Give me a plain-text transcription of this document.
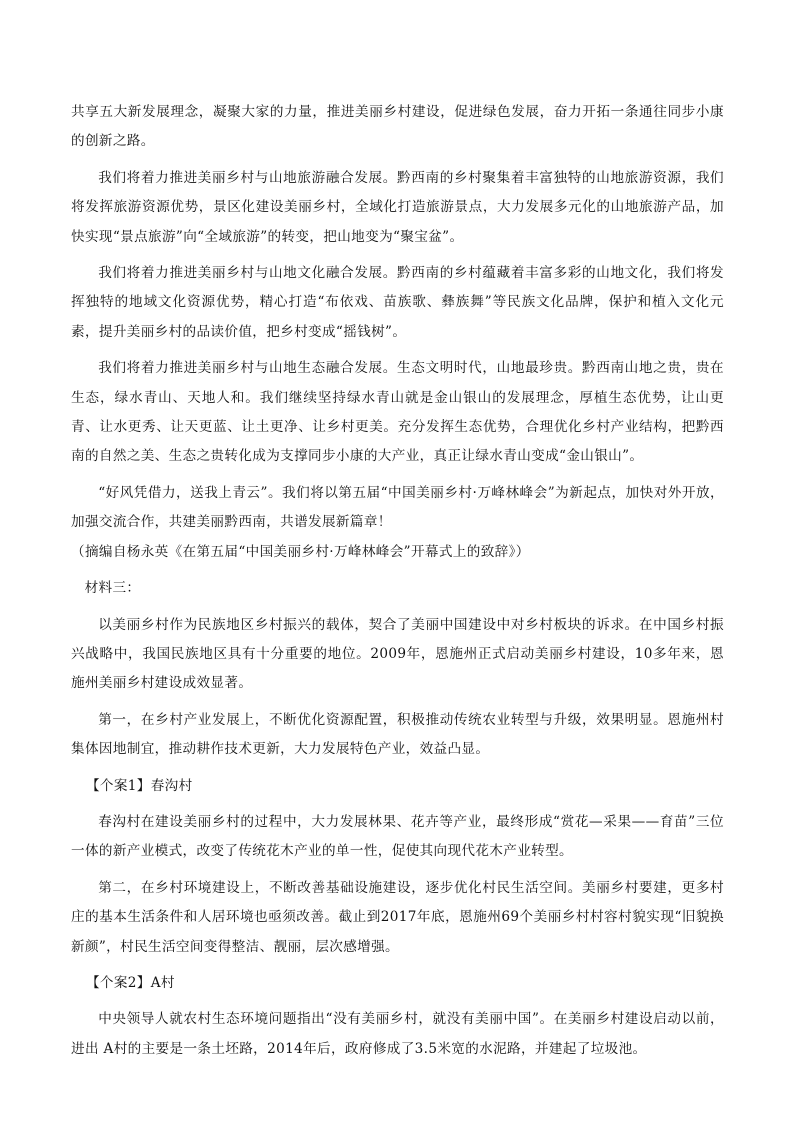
共享五大新发展理念，凝聚大家的力量，推进美丽乡村建设，促进绿色发展，奋力开拓一条通往同步小康的创新之路。

我们将着力推进美丽乡村与山地旅游融合发展。黔西南的乡村聚集着丰富独特的山地旅游资源，我们将发挥旅游资源优势，景区化建设美丽乡村，全域化打造旅游景点，大力发展多元化的山地旅游产品，加快实现“景点旅游”向“全域旅游”的转变，把山地变为“聚宝盆”。

我们将着力推进美丽乡村与山地文化融合发展。黔西南的乡村蕴藏着丰富多彩的山地文化，我们将发挥独特的地域文化资源优势，精心打造“布依戏、苗族歌、彝族舞”等民族文化品牌，保护和植入文化元素，提升美丽乡村的品读价值，把乡村变成“摇钱树”。

我们将着力推进美丽乡村与山地生态融合发展。生态文明时代，山地最珍贵。黔西南山地之贵，贵在生态，绿水青山、天地人和。我们继续坚持绿水青山就是金山银山的发展理念，厚植生态优势，让山更青、让水更秀、让天更蓝、让土更净、让乡村更美。充分发挥生态优势，合理优化乡村产业结构，把黔西南的自然之美、生态之贵转化成为支撑同步小康的大产业，真正让绿水青山变成“金山银山”。

“好风凭借力，送我上青云”。我们将以第五届“中国美丽乡村·万峰林峰会”为新起点，加快对外开放，加强交流合作，共建美丽黔西南，共谱发展新篇章！

（摘编自杨永英《在第五届“中国美丽乡村·万峰林峰会”开幕式上的致辞》）

材料三：

以美丽乡村作为民族地区乡村振兴的载体，契合了美丽中国建设中对乡村板块的诉求。在中国乡村振兴战略中，我国民族地区具有十分重要的地位。2009年，恩施州正式启动美丽乡村建设，10多年来，恩施州美丽乡村建设成效显著。

第一，在乡村产业发展上，不断优化资源配置，积极推动传统农业转型与升级，效果明显。恩施州村集体因地制宜，推动耕作技术更新，大力发展特色产业，效益凸显。

【个案1】春沟村

春沟村在建设美丽乡村的过程中，大力发展林果、花卉等产业，最终形成“赏花—采果——育苗”三位一体的新产业模式，改变了传统花木产业的单一性，促使其向现代花木产业转型。

第二，在乡村环境建设上，不断改善基础设施建设，逐步优化村民生活空间。美丽乡村要建，更多村庄的基本生活条件和人居环境也亟须改善。截止到2017年底，恩施州69个美丽乡村村容村貌实现“旧貌换新颜”，村民生活空间变得整洁、靓丽，层次感增强。

【个案2】A村

中央领导人就农村生态环境问题指出“没有美丽乡村，就没有美丽中国”。在美丽乡村建设启动以前，进出 A村的主要是一条土坯路，2014年后，政府修成了3.5米宽的水泥路，并建起了垃圾池。
